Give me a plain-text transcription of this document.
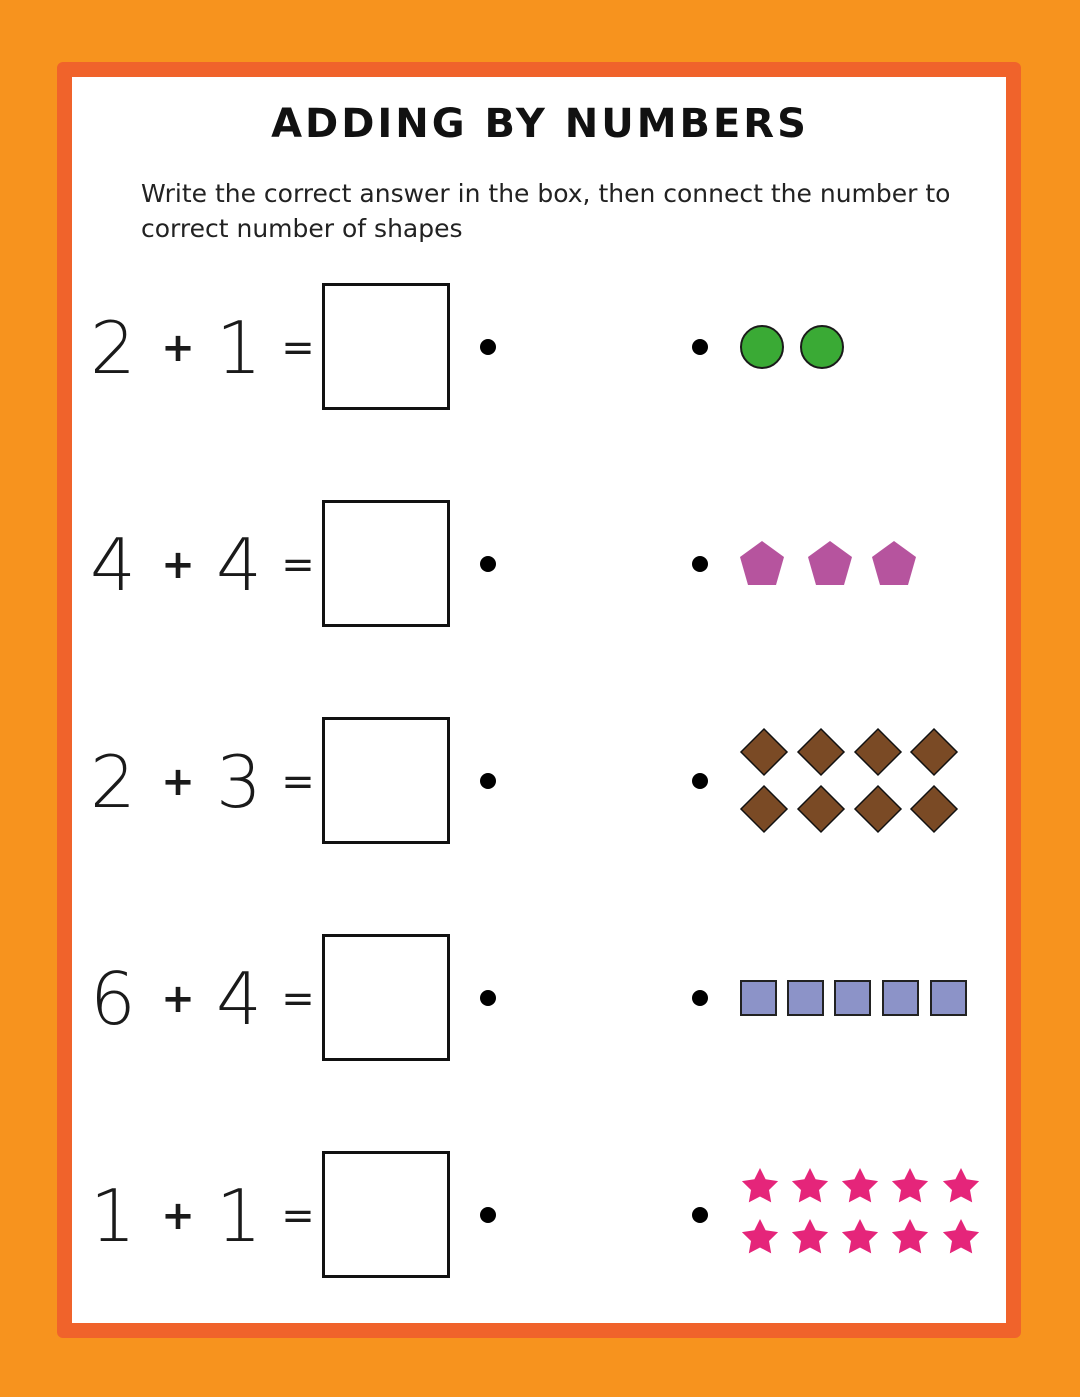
ADDING BY NUMBERS
Write the correct answer in the box, then connect the number to correct number of shapes
2 + 1 =
4 + 4 =
2 + 3 =
6 + 4 =
1 + 1 =
